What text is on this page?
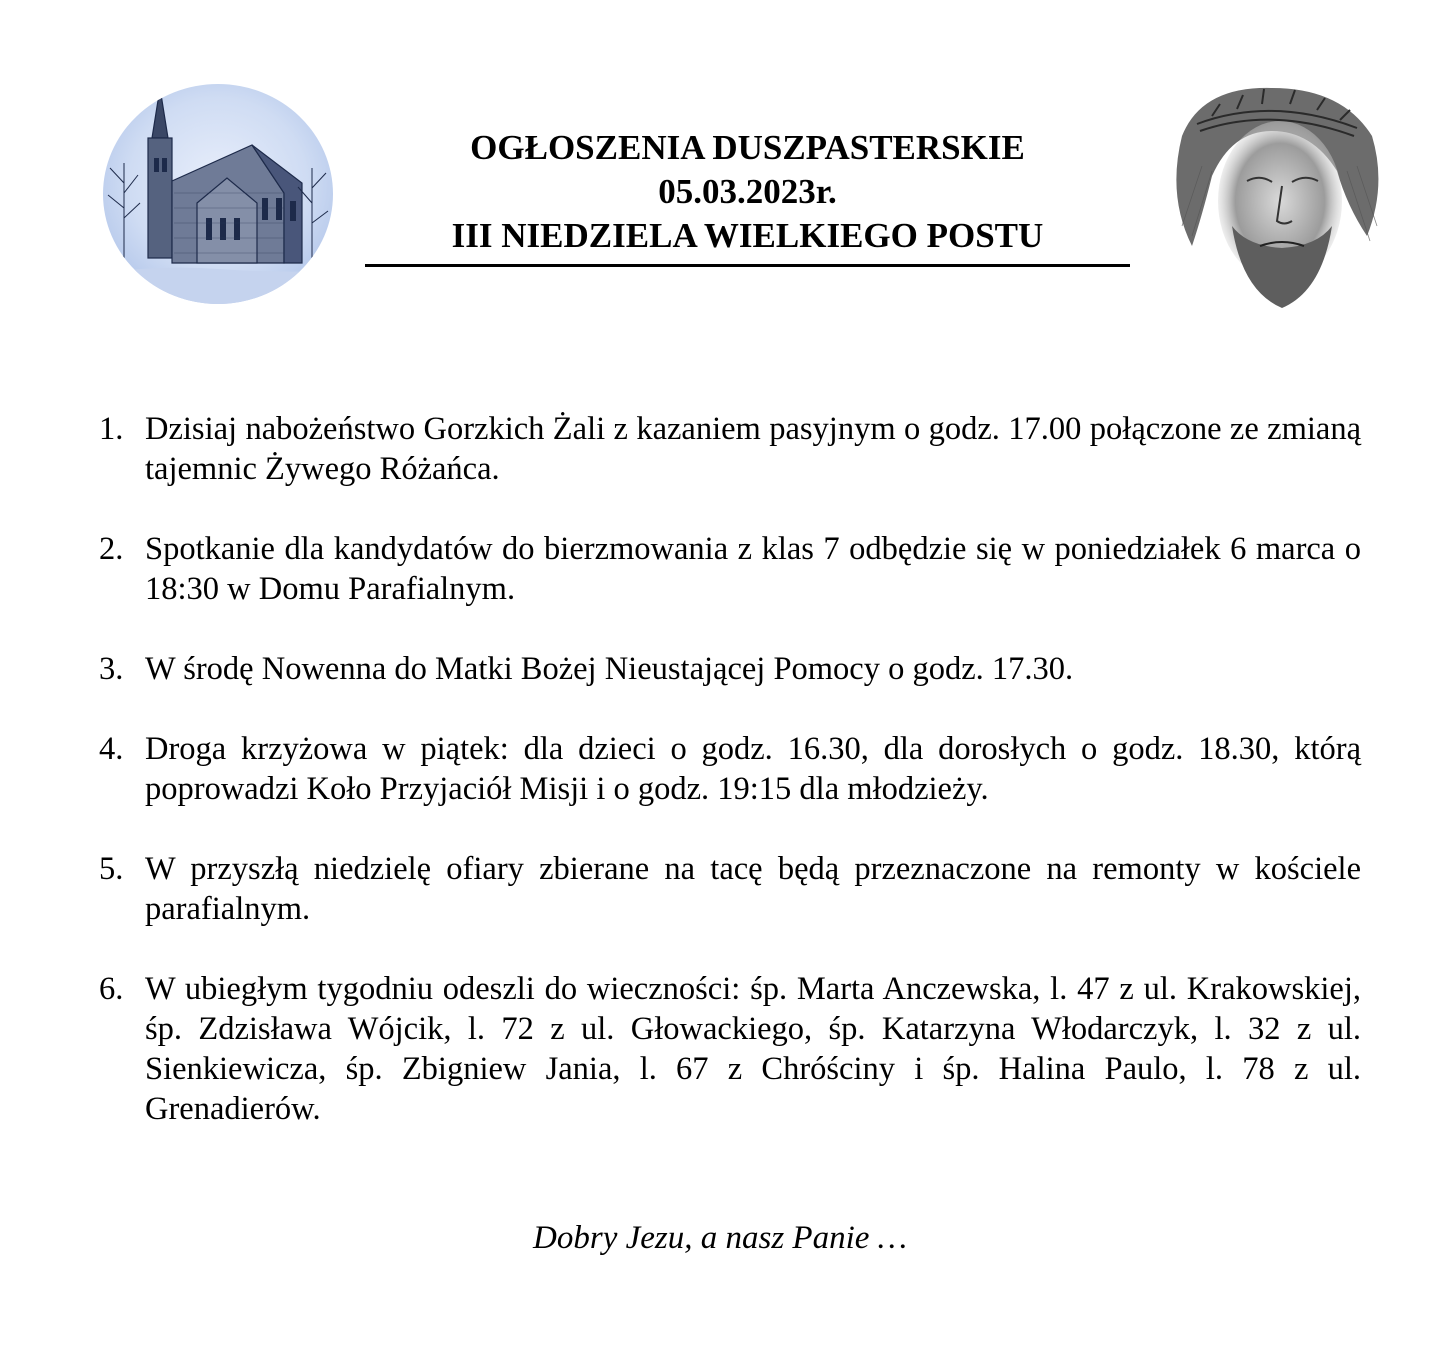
OGŁOSZENIA DUSZPASTERSKIE
05.03.2023r.
III NIEDZIELA WIELKIEGO POSTU
1. Dzisiaj nabożeństwo Gorzkich Żali z kazaniem pasyjnym o godz. 17.00 połączone ze zmianą tajemnic Żywego Różańca.
2. Spotkanie dla kandydatów do bierzmowania z klas 7 odbędzie się w poniedziałek 6 marca o 18:30 w Domu Parafialnym.
3. W środę Nowenna do Matki Bożej Nieustającej Pomocy o godz. 17.30.
4. Droga krzyżowa w piątek: dla dzieci o godz. 16.30, dla dorosłych o godz. 18.30, którą poprowadzi Koło Przyjaciół Misji i o godz. 19:15 dla młodzieży.
5. W przyszłą niedzielę ofiary zbierane na tacę będą przeznaczone na remonty w kościele parafialnym.
6. W ubiegłym tygodniu odeszli do wieczności: śp. Marta Anczewska, l. 47 z ul. Krakowskiej, śp. Zdzisława Wójcik, l. 72 z ul. Głowackiego, śp. Katarzyna Włodarczyk, l. 32 z ul. Sienkiewicza, śp. Zbigniew Jania, l. 67 z Chróściny i śp. Halina Paulo, l. 78 z ul. Grenadierów.
Dobry Jezu, a nasz Panie …
